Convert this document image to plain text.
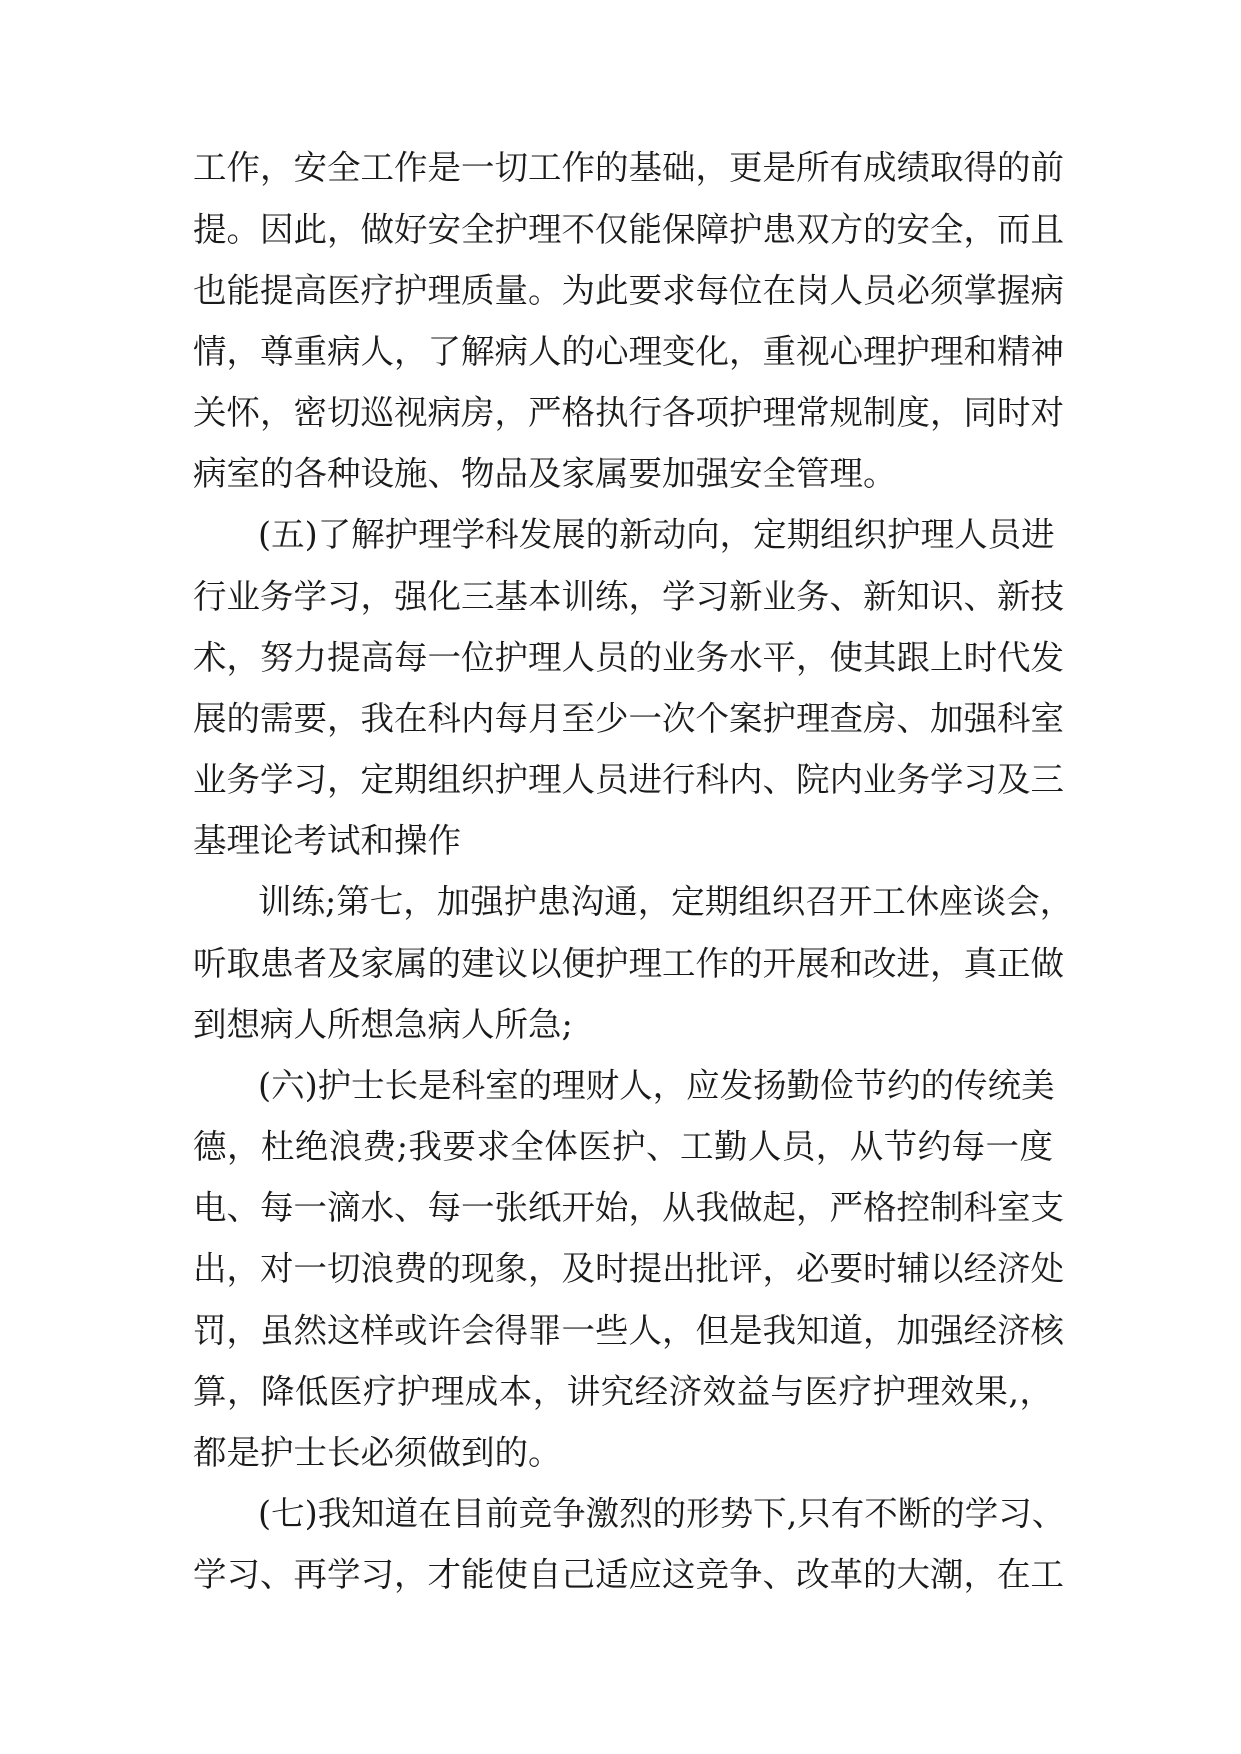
工作，安全工作是一切工作的基础，更是所有成绩取得的前
提。因此，做好安全护理不仅能保障护患双方的安全，而且
也能提高医疗护理质量。为此要求每位在岗人员必须掌握病
情，尊重病人，了解病人的心理变化，重视心理护理和精神
关怀，密切巡视病房，严格执行各项护理常规制度，同时对
病室的各种设施、物品及家属要加强安全管理。
(五)了解护理学科发展的新动向，定期组织护理人员进
行业务学习，强化三基本训练，学习新业务、新知识、新技
术，努力提高每一位护理人员的业务水平，使其跟上时代发
展的需要，我在科内每月至少一次个案护理查房、加强科室
业务学习，定期组织护理人员进行科内、院内业务学习及三
基理论考试和操作
训练;第七，加强护患沟通，定期组织召开工休座谈会，
听取患者及家属的建议以便护理工作的开展和改进，真正做
到想病人所想急病人所急;
(六)护士长是科室的理财人，应发扬勤俭节约的传统美
德，杜绝浪费;我要求全体医护、工勤人员，从节约每一度
电、每一滴水、每一张纸开始，从我做起，严格控制科室支
出，对一切浪费的现象，及时提出批评，必要时辅以经济处
罚，虽然这样或许会得罪一些人，但是我知道，加强经济核
算，降低医疗护理成本，讲究经济效益与医疗护理效果,，
都是护士长必须做到的。
(七)我知道在目前竞争激烈的形势下,只有不断的学习、
学习、再学习，才能使自己适应这竞争、改革的大潮，在工
